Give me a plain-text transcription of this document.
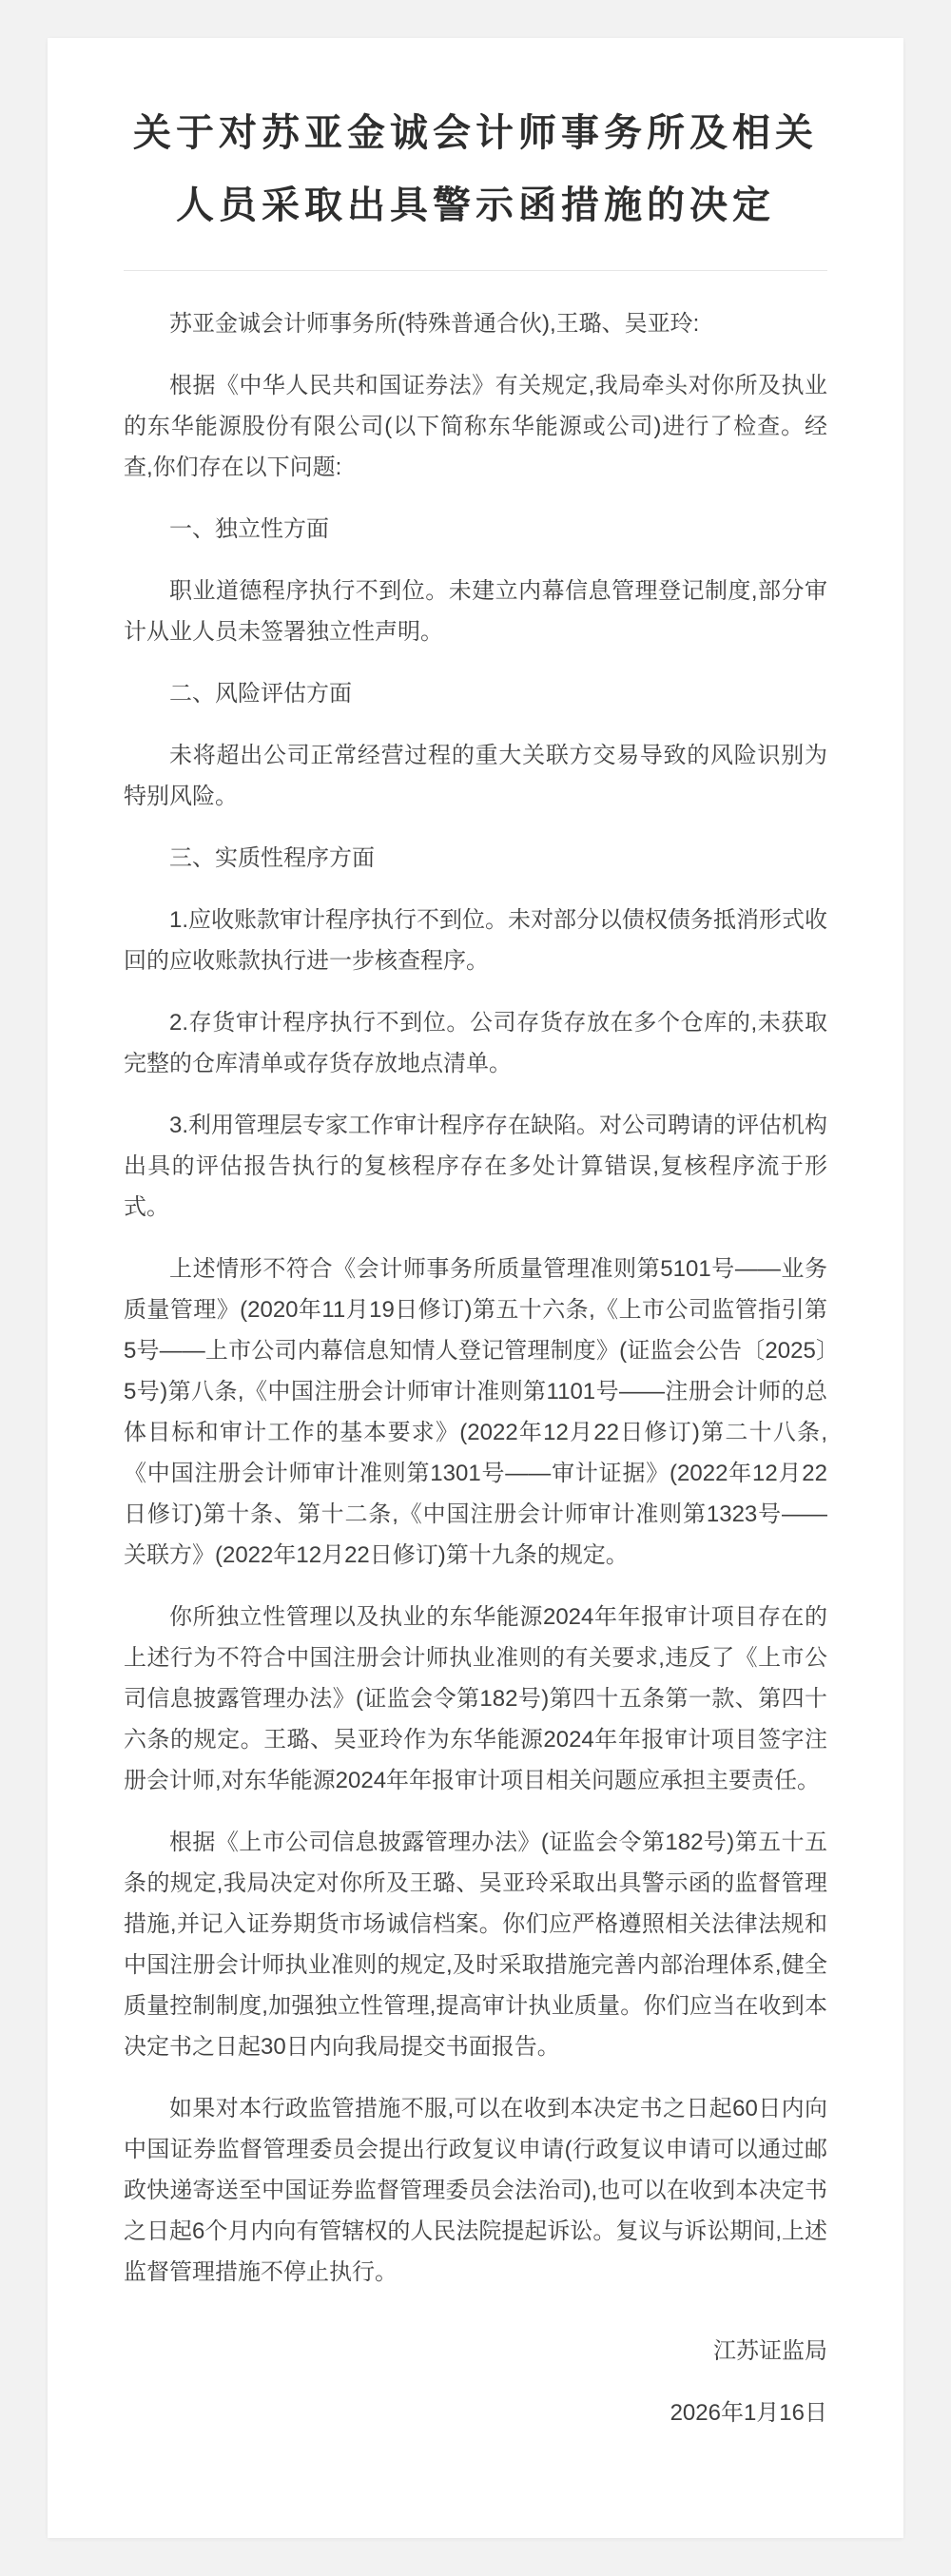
关于对苏亚金诚会计师事务所及相关人员采取出具警示函措施的决定

苏亚金诚会计师事务所(特殊普通合伙),王璐、吴亚玲:

根据《中华人民共和国证券法》有关规定,我局牵头对你所及执业的东华能源股份有限公司(以下简称东华能源或公司)进行了检查。经查,你们存在以下问题:

一、独立性方面

职业道德程序执行不到位。未建立内幕信息管理登记制度,部分审计从业人员未签署独立性声明。

二、风险评估方面

未将超出公司正常经营过程的重大关联方交易导致的风险识别为特别风险。

三、实质性程序方面

1.应收账款审计程序执行不到位。未对部分以债权债务抵消形式收回的应收账款执行进一步核查程序。

2.存货审计程序执行不到位。公司存货存放在多个仓库的,未获取完整的仓库清单或存货存放地点清单。

3.利用管理层专家工作审计程序存在缺陷。对公司聘请的评估机构出具的评估报告执行的复核程序存在多处计算错误,复核程序流于形式。

上述情形不符合《会计师事务所质量管理准则第5101号——业务质量管理》(2020年11月19日修订)第五十六条,《上市公司监管指引第5号——上市公司内幕信息知情人登记管理制度》(证监会公告〔2025〕5号)第八条,《中国注册会计师审计准则第1101号——注册会计师的总体目标和审计工作的基本要求》(2022年12月22日修订)第二十八条,《中国注册会计师审计准则第1301号——审计证据》(2022年12月22日修订)第十条、第十二条,《中国注册会计师审计准则第1323号——关联方》(2022年12月22日修订)第十九条的规定。

你所独立性管理以及执业的东华能源2024年年报审计项目存在的上述行为不符合中国注册会计师执业准则的有关要求,违反了《上市公司信息披露管理办法》(证监会令第182号)第四十五条第一款、第四十六条的规定。王璐、吴亚玲作为东华能源2024年年报审计项目签字注册会计师,对东华能源2024年年报审计项目相关问题应承担主要责任。

根据《上市公司信息披露管理办法》(证监会令第182号)第五十五条的规定,我局决定对你所及王璐、吴亚玲采取出具警示函的监督管理措施,并记入证券期货市场诚信档案。你们应严格遵照相关法律法规和中国注册会计师执业准则的规定,及时采取措施完善内部治理体系,健全质量控制制度,加强独立性管理,提高审计执业质量。你们应当在收到本决定书之日起30日内向我局提交书面报告。

如果对本行政监管措施不服,可以在收到本决定书之日起60日内向中国证券监督管理委员会提出行政复议申请(行政复议申请可以通过邮政快递寄送至中国证券监督管理委员会法治司),也可以在收到本决定书之日起6个月内向有管辖权的人民法院提起诉讼。复议与诉讼期间,上述监督管理措施不停止执行。

江苏证监局

2026年1月16日
